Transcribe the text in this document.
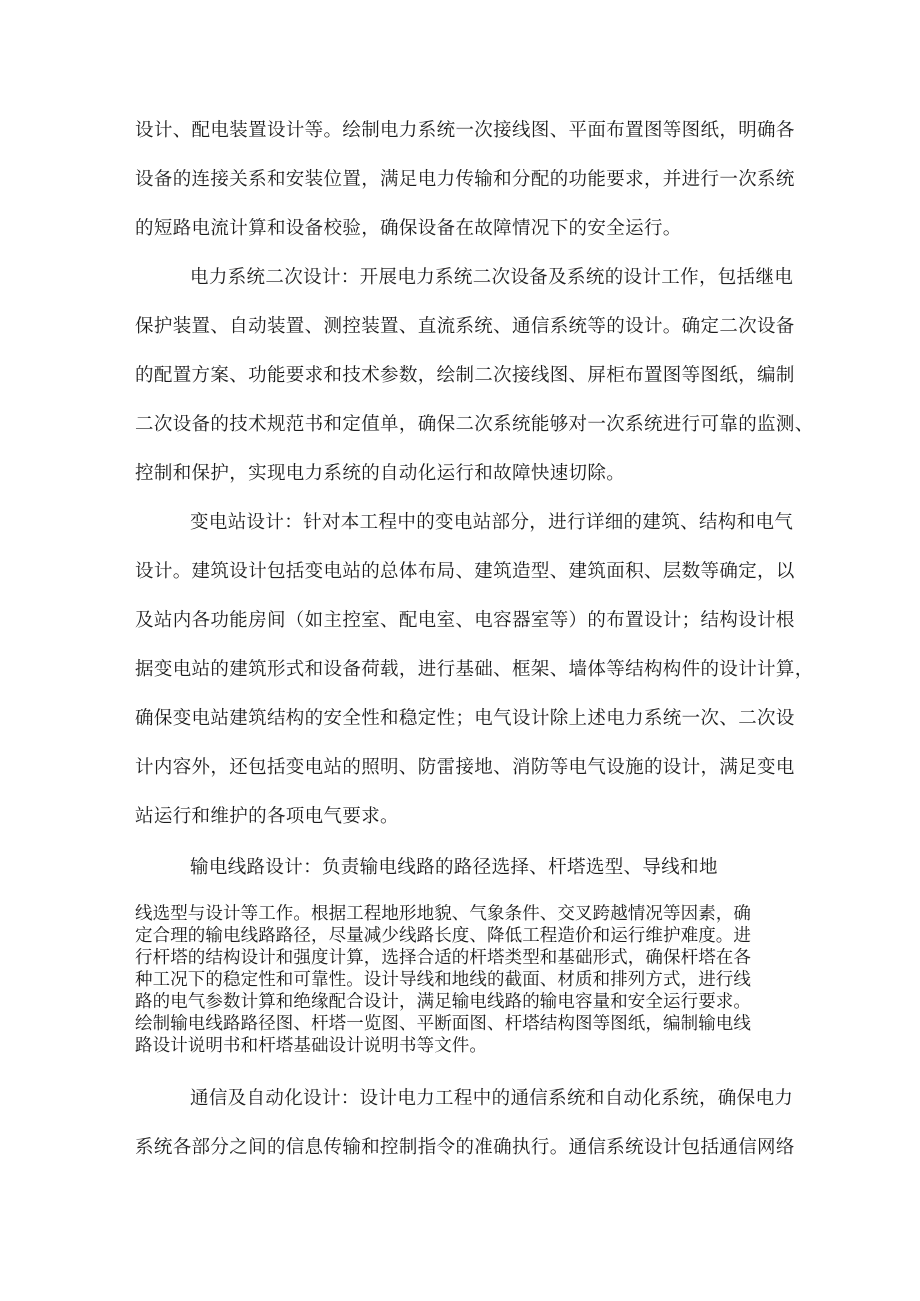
设计、配电装置设计等。绘制电力系统一次接线图、平面布置图等图纸，明确各

设备的连接关系和安装位置，满足电力传输和分配的功能要求，并进行一次系统

的短路电流计算和设备校验，确保设备在故障情况下的安全运行。

电力系统二次设计：开展电力系统二次设备及系统的设计工作，包括继电

保护装置、自动装置、测控装置、直流系统、通信系统等的设计。确定二次设备

的配置方案、功能要求和技术参数，绘制二次接线图、屏柜布置图等图纸，编制

二次设备的技术规范书和定值单，确保二次系统能够对一次系统进行可靠的监测、

控制和保护，实现电力系统的自动化运行和故障快速切除。

变电站设计：针对本工程中的变电站部分，进行详细的建筑、结构和电气

设计。建筑设计包括变电站的总体布局、建筑造型、建筑面积、层数等确定，以

及站内各功能房间（如主控室、配电室、电容器室等）的布置设计；结构设计根

据变电站的建筑形式和设备荷载，进行基础、框架、墙体等结构构件的设计计算，

确保变电站建筑结构的安全性和稳定性；电气设计除上述电力系统一次、二次设

计内容外，还包括变电站的照明、防雷接地、消防等电气设施的设计，满足变电

站运行和维护的各项电气要求。

输电线路设计：负责输电线路的路径选择、杆塔选型、导线和地

线选型与设计等工作。根据工程地形地貌、气象条件、交叉跨越情况等因素，确

定合理的输电线路路径，尽量减少线路长度、降低工程造价和运行维护难度。进

行杆塔的结构设计和强度计算，选择合适的杆塔类型和基础形式，确保杆塔在各

种工况下的稳定性和可靠性。设计导线和地线的截面、材质和排列方式，进行线

路的电气参数计算和绝缘配合设计，满足输电线路的输电容量和安全运行要求。

绘制输电线路路径图、杆塔一览图、平断面图、杆塔结构图等图纸，编制输电线

路设计说明书和杆塔基础设计说明书等文件。

通信及自动化设计：设计电力工程中的通信系统和自动化系统，确保电力

系统各部分之间的信息传输和控制指令的准确执行。通信系统设计包括通信网络
